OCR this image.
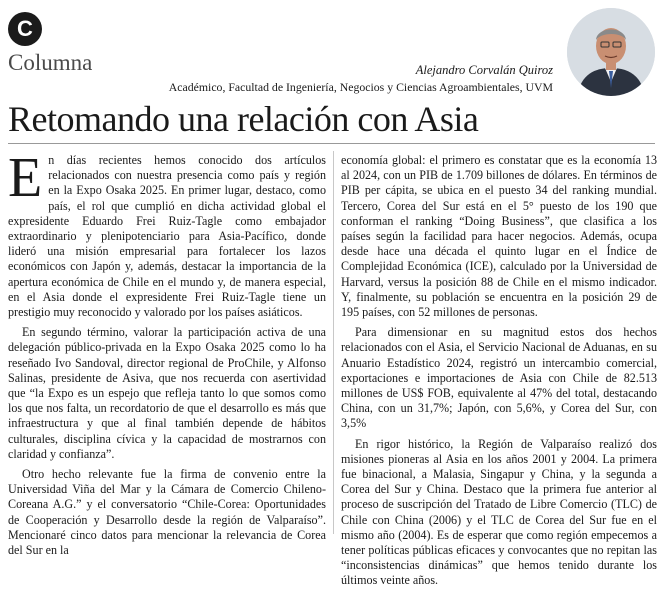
C
Columna	Alejandro Corvalán Quiroz
Académico, Facultad de Ingeniería, Negocios y Ciencias Agroambientales, UVM
Retomando una relación con Asia

En días recientes hemos conocido dos artículos relacionados con nuestra presencia como país y región en la Expo Osaka 2025. En primer lugar, destaco, como país, el rol que cumplió en dicha actividad global el expresidente Eduardo Frei Ruiz-Tagle como embajador extraordinario y plenipotenciario para Asia-Pacífico, donde lideró una misión empresarial para fortalecer los lazos económicos con Japón y, además, destacar la importancia de la apertura económica de Chile en el mundo y, de manera especial, en el Asia donde el expresidente Frei Ruiz-Tagle tiene un prestigio muy reconocido y valorado por los países asiáticos.

En segundo término, valorar la participación activa de una delegación público-privada en la Expo Osaka 2025 como lo ha reseñado Ivo Sandoval, director regional de ProChile, y Alfonso Salinas, presidente de Asiva, que nos recuerda con asertividad que “la Expo es un espejo que refleja tanto lo que somos como los que nos falta, un recordatorio de que el desarrollo es más que infraestructura y que al final también depende de hábitos culturales, disciplina cívica y la capacidad de mostrarnos con claridad y confianza”.

Otro hecho relevante fue la firma de convenio entre la Universidad Viña del Mar y la Cámara de Comercio Chileno-Coreana A.G.” y el conversatorio “Chile-Corea: Oportunidades de Cooperación y Desarrollo desde la región de Valparaíso”. Mencionaré cinco datos para mencionar la relevancia de Corea del Sur en la

economía global: el primero es constatar que es la economía 13 al 2024, con un PIB de 1.709 billones de dólares. En términos de PIB per cápita, se ubica en el puesto 34 del ranking mundial. Tercero, Corea del Sur está en el 5° puesto de los 190 que conforman el ranking “Doing Business”, que clasifica a los países según la facilidad para hacer negocios. Además, ocupa desde hace una década el quinto lugar en el Índice de Complejidad Económica (ICE), calculado por la Universidad de Harvard, versus la posición 88 de Chile en el mismo indicador. Y, finalmente, su población se encuentra en la posición 29 de 195 países, con 52 millones de personas.

Para dimensionar en su magnitud estos dos hechos relacionados con el Asia, el Servicio Nacional de Aduanas, en su Anuario Estadístico 2024, registró un intercambio comercial, exportaciones e importaciones de Asia con Chile de 82.513 millones de US$ FOB, equivalente al 47% del total, destacando China, con un 31,7%; Japón, con 5,6%, y Corea del Sur, con 3,5%

En rigor histórico, la Región de Valparaíso realizó dos misiones pioneras al Asia en los años 2001 y 2004. La primera fue binacional, a Malasia, Singapur y China, y la segunda a Corea del Sur y China. Destaco que la primera fue anterior al proceso de suscripción del Tratado de Libre Comercio (TLC) de Chile con China (2006) y el TLC de Corea del Sur fue en el mismo año (2004). Es de esperar que como región empecemos a tener políticas públicas eficaces y convocantes que no repitan las “inconsistencias dinámicas” que hemos tenido durante los últimos veinte años.
